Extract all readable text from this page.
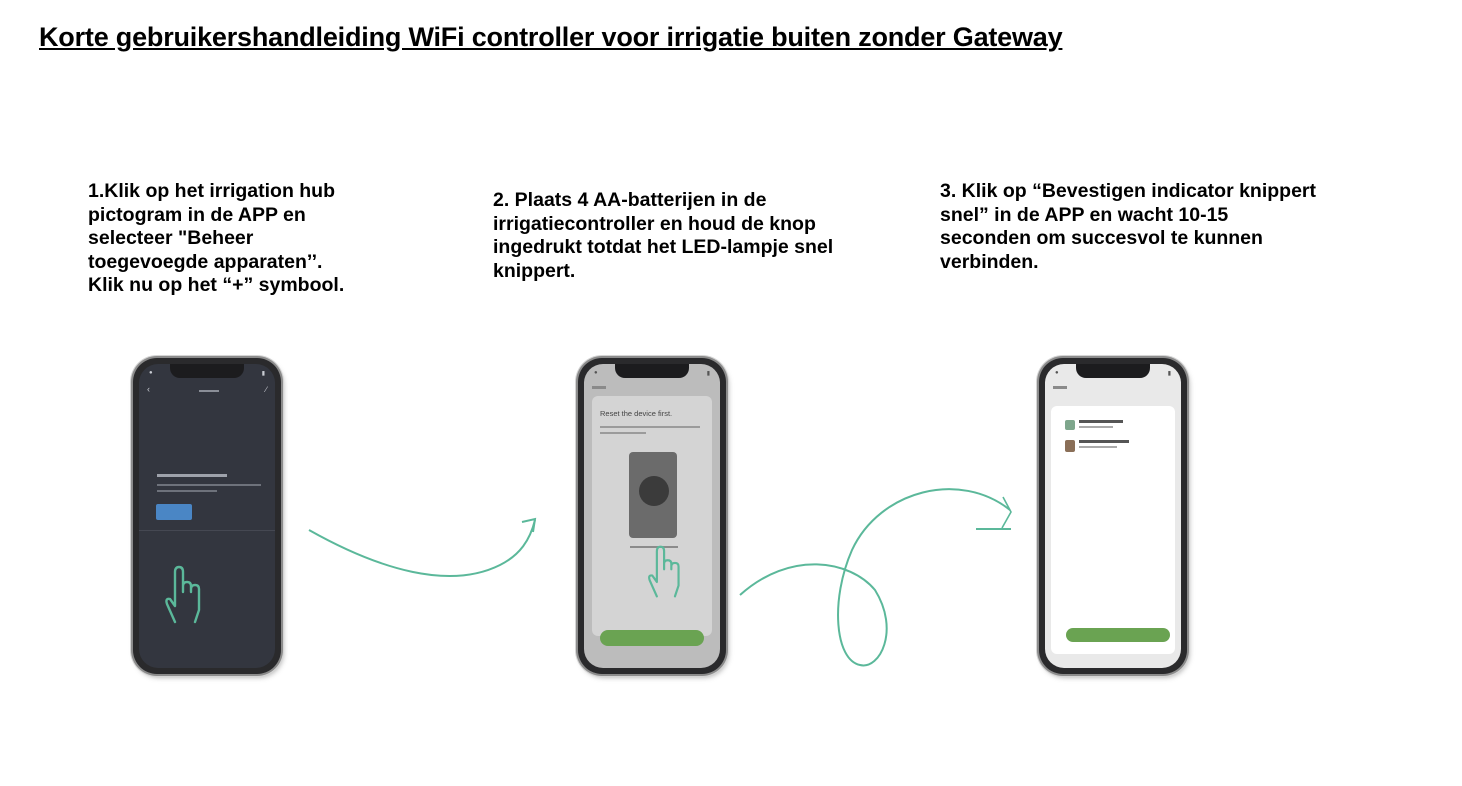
Korte gebruikershandleiding WiFi controller voor irrigatie buiten zonder Gateway

1.Klik op het irrigation hub
pictogram in de APP en
selecteer "Beheer
toegevoegde apparaten’’.
Klik nu op het “+” symbool.

2. Plaats 4 AA-batterijen in de
irrigatiecontroller en houd de knop
ingedrukt totdat het LED-lampje snel
knippert.

3. Klik op “Bevestigen indicator knippert
snel” in de APP en wacht 10-15
seconden om succesvol te kunnen
verbinden.

●	▮
‹	∕
●	▮
Reset the device first.
●	▮
